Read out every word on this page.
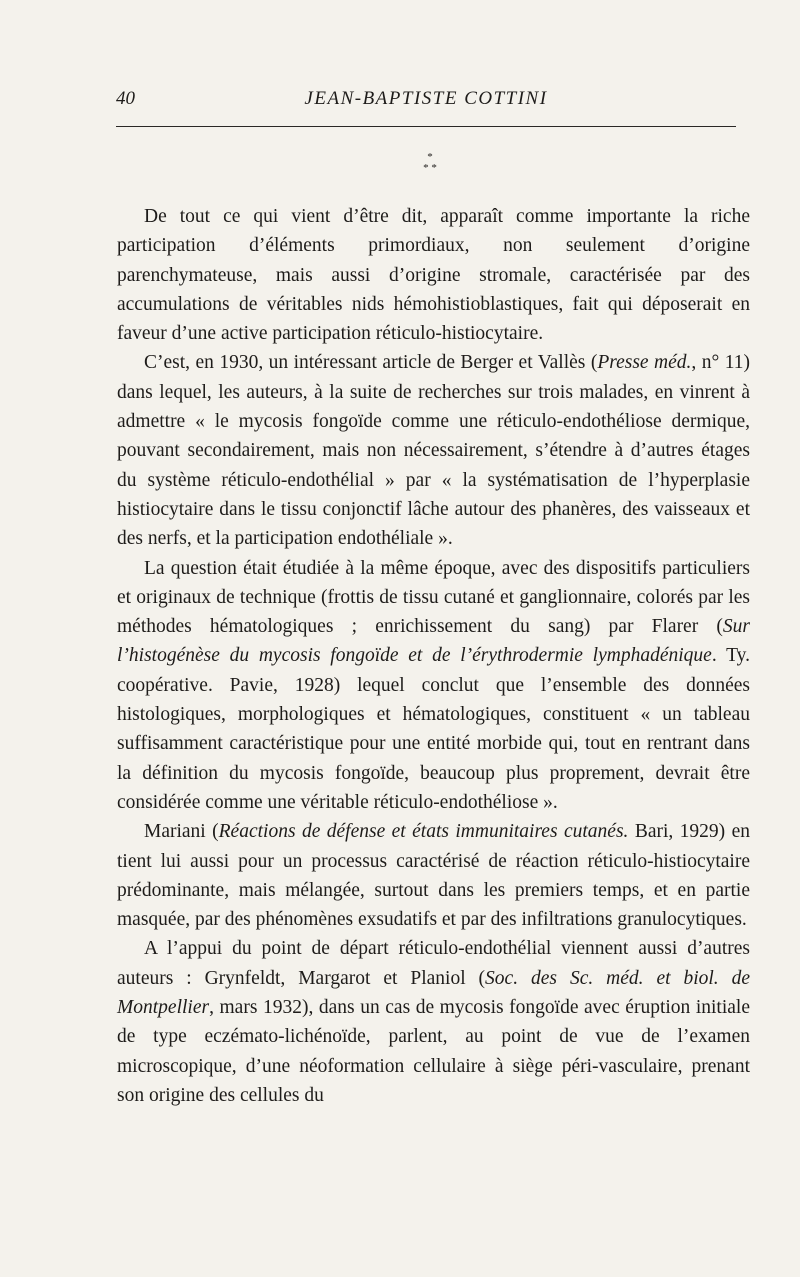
40	JEAN-BAPTISTE COTTINI
*
* *

De tout ce qui vient d’être dit, apparaît comme importante la riche participation d’éléments primordiaux, non seulement d’origine parenchymateuse, mais aussi d’origine stromale, caractérisée par des accumulations de véritables nids hémohistioblastiques, fait qui déposerait en faveur d’une active participation réticulo-histiocytaire.

C’est, en 1930, un intéressant article de Berger et Vallès (Presse méd., n° 11) dans lequel, les auteurs, à la suite de recherches sur trois malades, en vinrent à admettre « le mycosis fongoïde comme une réticulo-endothéliose dermique, pouvant secondairement, mais non nécessairement, s’étendre à d’autres étages du système réticulo-endothélial » par « la systématisation de l’hyperplasie histiocytaire dans le tissu conjonctif lâche autour des phanères, des vaisseaux et des nerfs, et la participation endothéliale ».

La question était étudiée à la même époque, avec des dispositifs particuliers et originaux de technique (frottis de tissu cutané et ganglionnaire, colorés par les méthodes hématologiques ; enrichissement du sang) par Flarer (Sur l’histogénèse du mycosis fongoïde et de l’érythrodermie lymphadénique. Ty. coopérative. Pavie, 1928) lequel conclut que l’ensemble des données histologiques, morphologiques et hématologiques, constituent « un tableau suffisamment caractéristique pour une entité morbide qui, tout en rentrant dans la définition du mycosis fongoïde, beaucoup plus proprement, devrait être considérée comme une véritable réticulo-endothéliose ».

Mariani (Réactions de défense et états immunitaires cutanés. Bari, 1929) en tient lui aussi pour un processus caractérisé de réaction réticulo-histiocytaire prédominante, mais mélangée, surtout dans les premiers temps, et en partie masquée, par des phénomènes exsudatifs et par des infiltrations granulocytiques.

A l’appui du point de départ réticulo-endothélial viennent aussi d’autres auteurs : Grynfeldt, Margarot et Planiol (Soc. des Sc. méd. et biol. de Montpellier, mars 1932), dans un cas de mycosis fongoïde avec éruption initiale de type eczémato-lichénoïde, parlent, au point de vue de l’examen microscopique, d’une néoformation cellulaire à siège péri-vasculaire, prenant son origine des cellules du
